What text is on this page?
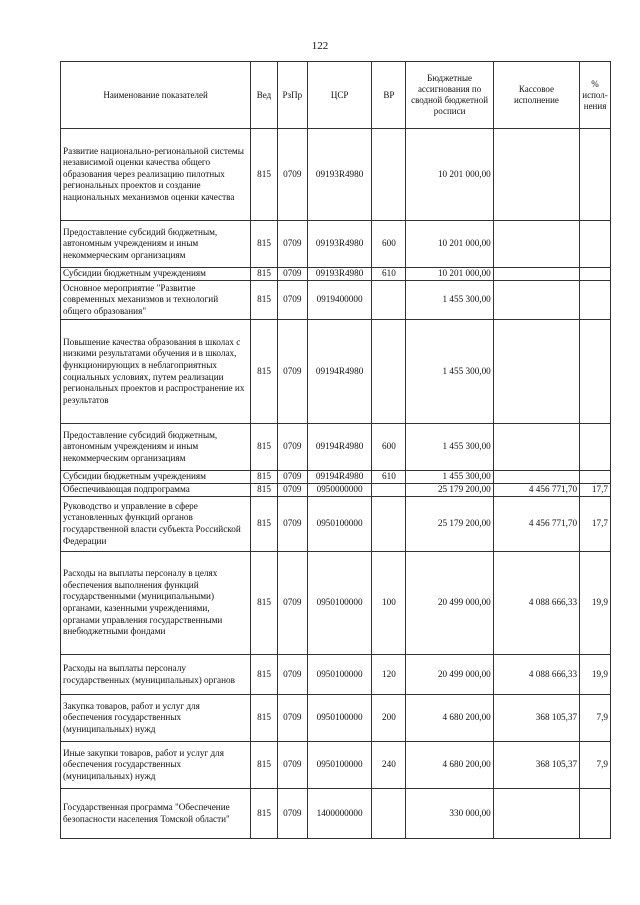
122
Наименование показателей	Вед	РзПр	ЦСР	ВР	Бюджетные ассигнования по сводной бюджетной росписи	Кассовое исполнение	% испол-нения
Развитие национально-региональной системы независимой оценки качества общего образования через реализацию пилотных региональных проектов и создание национальных механизмов оценки качества	815	0709	09193R4980		10 201 000,00		
Предоставление субсидий бюджетным, автономным учреждениям и иным некоммерческим организациям	815	0709	09193R4980	600	10 201 000,00		
Субсидии бюджетным учреждениям	815	0709	09193R4980	610	10 201 000,00		
Основное мероприятие "Развитие современных механизмов и технологий общего образования"	815	0709	0919400000		1 455 300,00		
Повышение качества образования в школах с низкими результатами обучения и в школах, функционирующих в неблагоприятных социальных условиях, путем реализации региональных проектов и распространение их результатов	815	0709	09194R4980		1 455 300,00		
Предоставление субсидий бюджетным, автономным учреждениям и иным некоммерческим организациям	815	0709	09194R4980	600	1 455 300,00		
Субсидии бюджетным учреждениям	815	0709	09194R4980	610	1 455 300,00		
Обеспечивающая подпрограмма	815	0709	0950000000		25 179 200,00	4 456 771,70	17,7
Руководство и управление в сфере установленных функций органов государственной власти субъекта Российской Федерации	815	0709	0950100000		25 179 200,00	4 456 771,70	17,7
Расходы на выплаты персоналу в целях обеспечения выполнения функций государственными (муниципальными) органами, казенными учреждениями, органами управления государственными внебюджетными фондами	815	0709	0950100000	100	20 499 000,00	4 088 666,33	19,9
Расходы на выплаты персоналу государственных (муниципальных) органов	815	0709	0950100000	120	20 499 000,00	4 088 666,33	19,9
Закупка товаров, работ и услуг для обеспечения государственных (муниципальных) нужд	815	0709	0950100000	200	4 680 200,00	368 105,37	7,9
Иные закупки товаров, работ и услуг для обеспечения государственных (муниципальных) нужд	815	0709	0950100000	240	4 680 200,00	368 105,37	7,9
Государственная программа "Обеспечение безопасности населения Томской области"	815	0709	1400000000		330 000,00		
